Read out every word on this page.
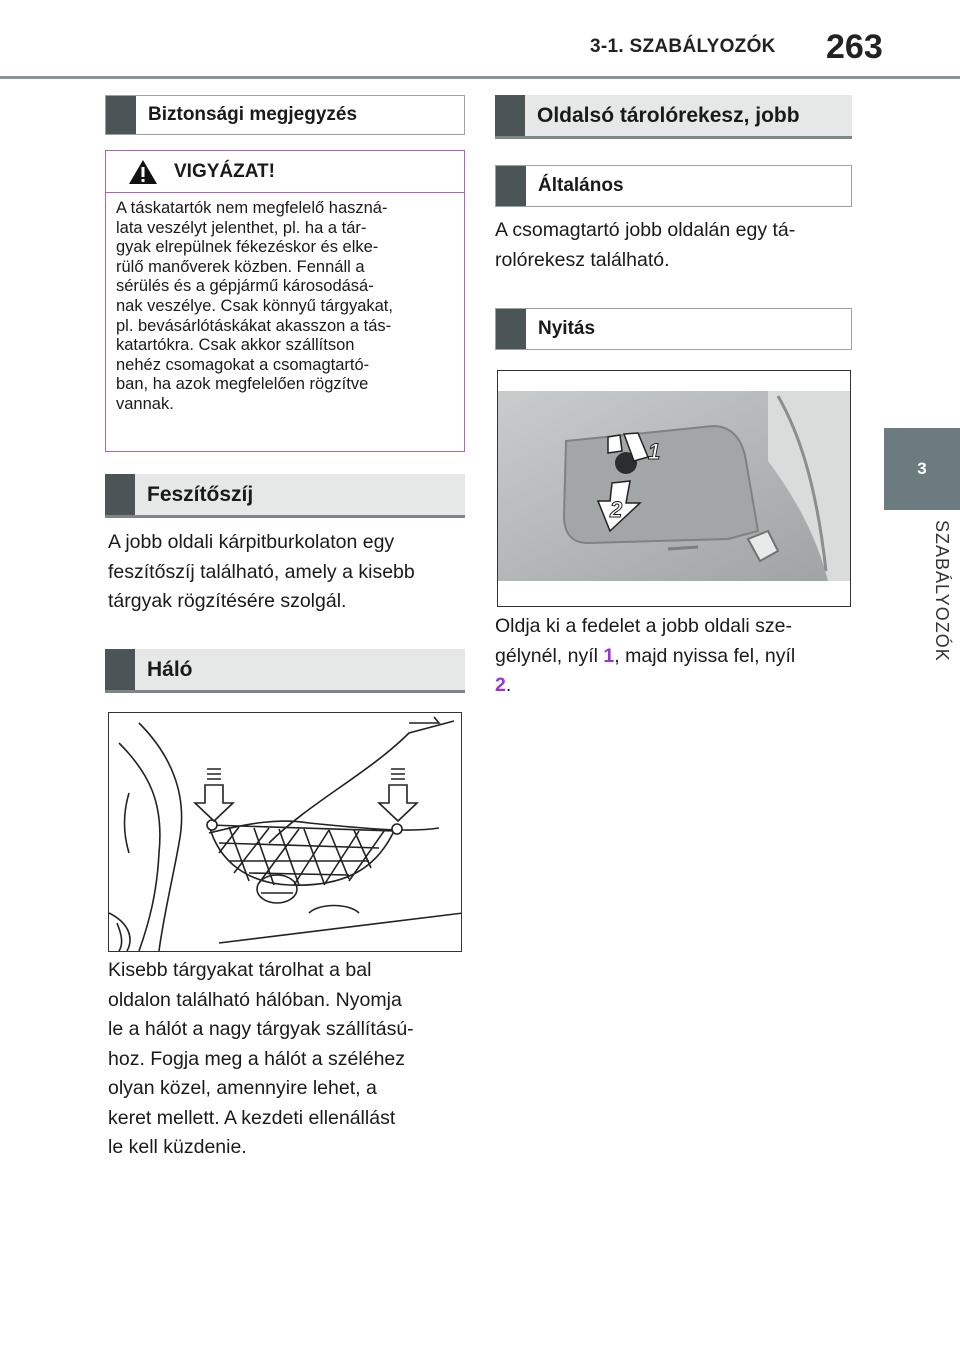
3-1. SZABÁLYOZÓK 263
3
SZABÁLYOZÓK
Biztonsági megjegyzés
VIGYÁZAT!
A táskatartók nem megfelelő haszná-
lata veszélyt jelenthet, pl. ha a tár-
gyak elrepülnek fékezéskor és elke-
rülő manőverek közben. Fennáll a
sérülés és a gépjármű károsodásá-
nak veszélye. Csak könnyű tárgyakat,
pl. bevásárlótáskákat akasszon a tás-
katartókra. Csak akkor szállítson
nehéz csomagokat a csomagtartó-
ban, ha azok megfelelően rögzítve
vannak.
Feszítőszíj
A jobb oldali kárpitburkolaton egy
feszítőszíj található, amely a kisebb
tárgyak rögzítésére szolgál.
Háló
Kisebb tárgyakat tárolhat a bal
oldalon található hálóban. Nyomja
le a hálót a nagy tárgyak szállítású-
hoz. Fogja meg a hálót a széléhez
olyan közel, amennyire lehet, a
keret mellett. A kezdeti ellenállást
le kell küzdenie.
Oldalsó tárolórekesz, jobb
Általános
A csomagtartó jobb oldalán egy tá-
rolórekesz található.
Nyitás
1
2
Oldja ki a fedelet a jobb oldali sze-
gélynél, nyíl 1, majd nyissa fel, nyíl
2.
